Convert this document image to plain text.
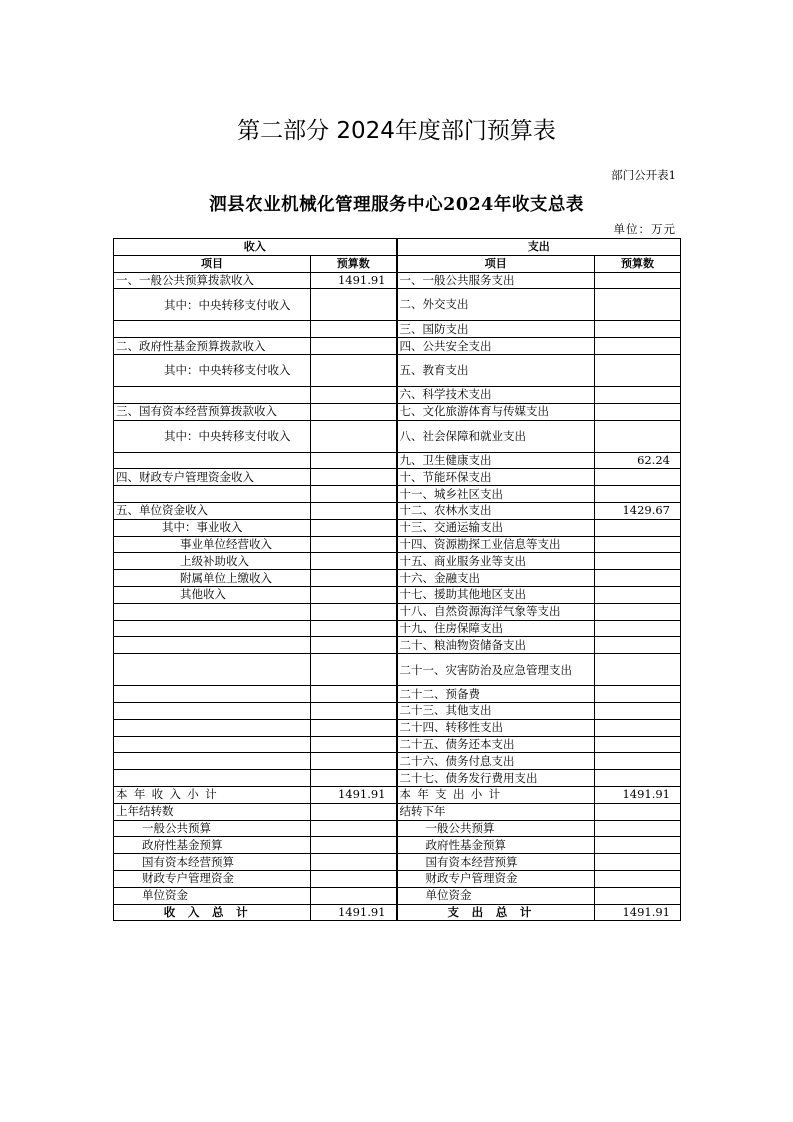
第二部分 2024年度部门预算表
部门公开表1
泗县农业机械化管理服务中心2024年收支总表
单位：万元
收入		支出	
项目	预算数	项目	预算数
一、一般公共预算拨款收入	1491.91	一、一般公共服务支出	
其中：中央转移支付收入		二、外交支出	
		三、国防支出	
二、政府性基金预算拨款收入		四、公共安全支出	
其中：中央转移支付收入		五、教育支出	
		六、科学技术支出	
三、国有资本经营预算拨款收入		七、文化旅游体育与传媒支出	
其中：中央转移支付收入		八、社会保障和就业支出	
		九、卫生健康支出	62.24
四、财政专户管理资金收入		十、节能环保支出	
		十一、城乡社区支出	
五、单位资金收入		十二、农林水支出	1429.67
其中：事业收入		十三、交通运输支出	
事业单位经营收入		十四、资源勘探工业信息等支出	
上级补助收入		十五、商业服务业等支出	
附属单位上缴收入		十六、金融支出	
其他收入		十七、援助其他地区支出	
		十八、自然资源海洋气象等支出	
		十九、住房保障支出	
		二十、粮油物资储备支出	
		二十一、灾害防治及应急管理支出	
		二十二、预备费	
		二十三、其他支出	
		二十四、转移性支出	
		二十五、债务还本支出	
		二十六、债务付息支出	
		二十七、债务发行费用支出	
本年收入小计	1491.91	本年支出小计	1491.91
上年结转数		结转下年	
一般公共预算		一般公共预算	
政府性基金预算		政府性基金预算	
国有资本经营预算		国有资本经营预算	
财政专户管理资金		财政专户管理资金	
单位资金		单位资金	
收入总计	1491.91	支出总计	1491.91
